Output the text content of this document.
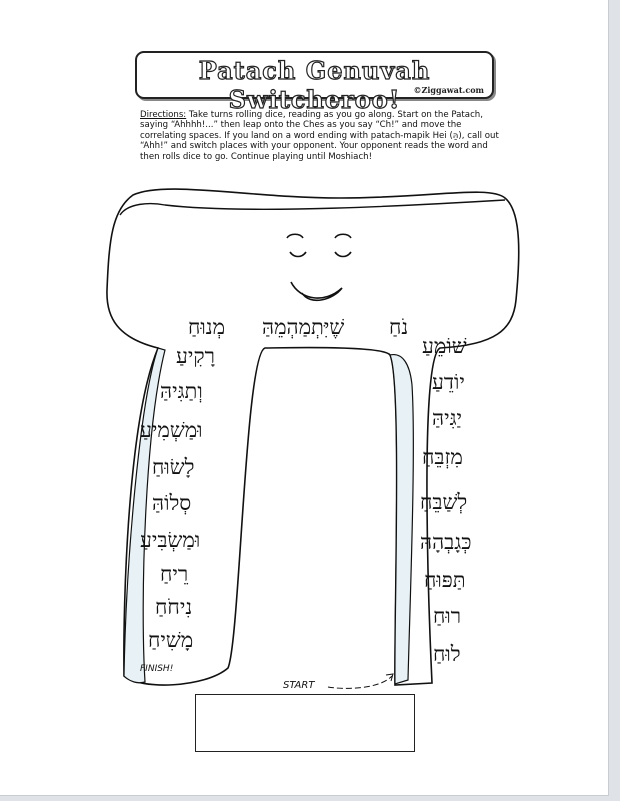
Patach Genuvah Switcheroo!	©Ziggawat.com
Directions: Take turns rolling dice, reading as you go along. Start on the Patach, saying “Ahhhh!...” then leap onto the Ches as you say “Ch!” and move the correlating spaces. If you land on a word ending with patach-mapik Hei (הַּ), call out “Ahh!” and switch places with your opponent. Your opponent reads the word and then rolls dice to go. Continue playing until Moshiach!
מְנוּחַ שֶׁיִּתְמַהְמֵהַּ נֹחַ
רָקִיעַ
וְתַגִּיהַּ
וּמַשְׁמִיעַ
לָשׂוּחַ
סְלוֹהַּ
וּמַשְׂבִּיעַ
רֵיחַ
נִיחֹחַ
מָשִׁיחַ
שׁוֹמֵעַ
יוֹדֵעַ
יַגִּיהַּ
מִזְבֵּחַ
לְשַׁבֵּחַ
כְּגָבְהָהּ
תַּפּוּחַ
רוּחַ
לוּחַ
FINISH!
START
